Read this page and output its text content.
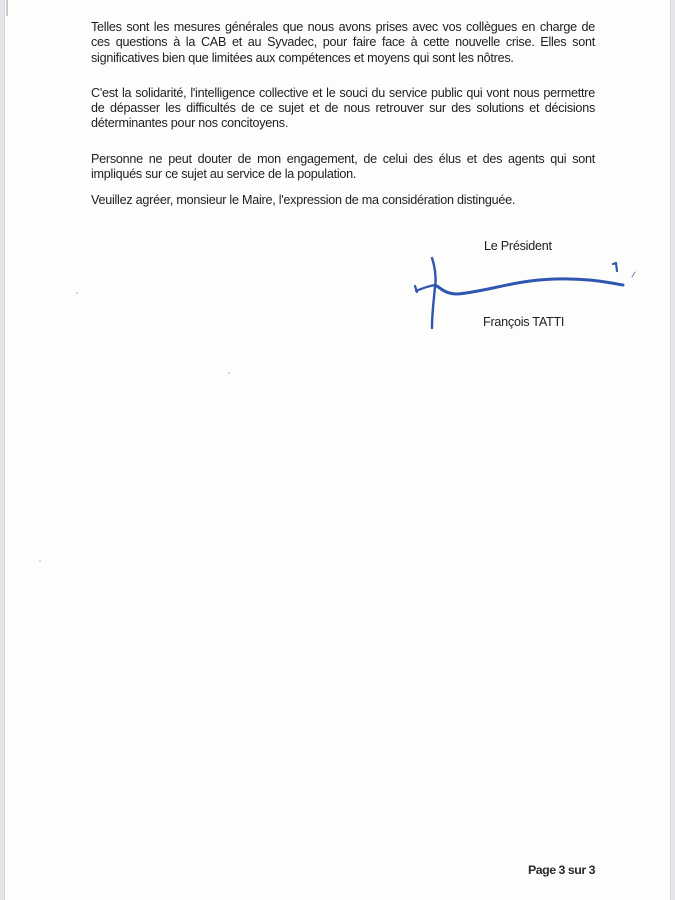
Telles sont les mesures générales que nous avons prises avec vos collègues en charge de ces questions à la CAB et au Syvadec, pour faire face à cette nouvelle crise. Elles sont significatives bien que limitées aux compétences et moyens qui sont les nôtres.

C'est la solidarité, l'intelligence collective et le souci du service public qui vont nous permettre de dépasser les difficultés de ce sujet et de nous retrouver sur des solutions et décisions déterminantes pour nos concitoyens.

Personne ne peut douter de mon engagement, de celui des élus et des agents qui sont impliqués sur ce sujet au service de la population.

Veuillez agréer, monsieur le Maire, l'expression de ma considération distinguée.

Le Président
François TATTI
Page 3 sur 3
